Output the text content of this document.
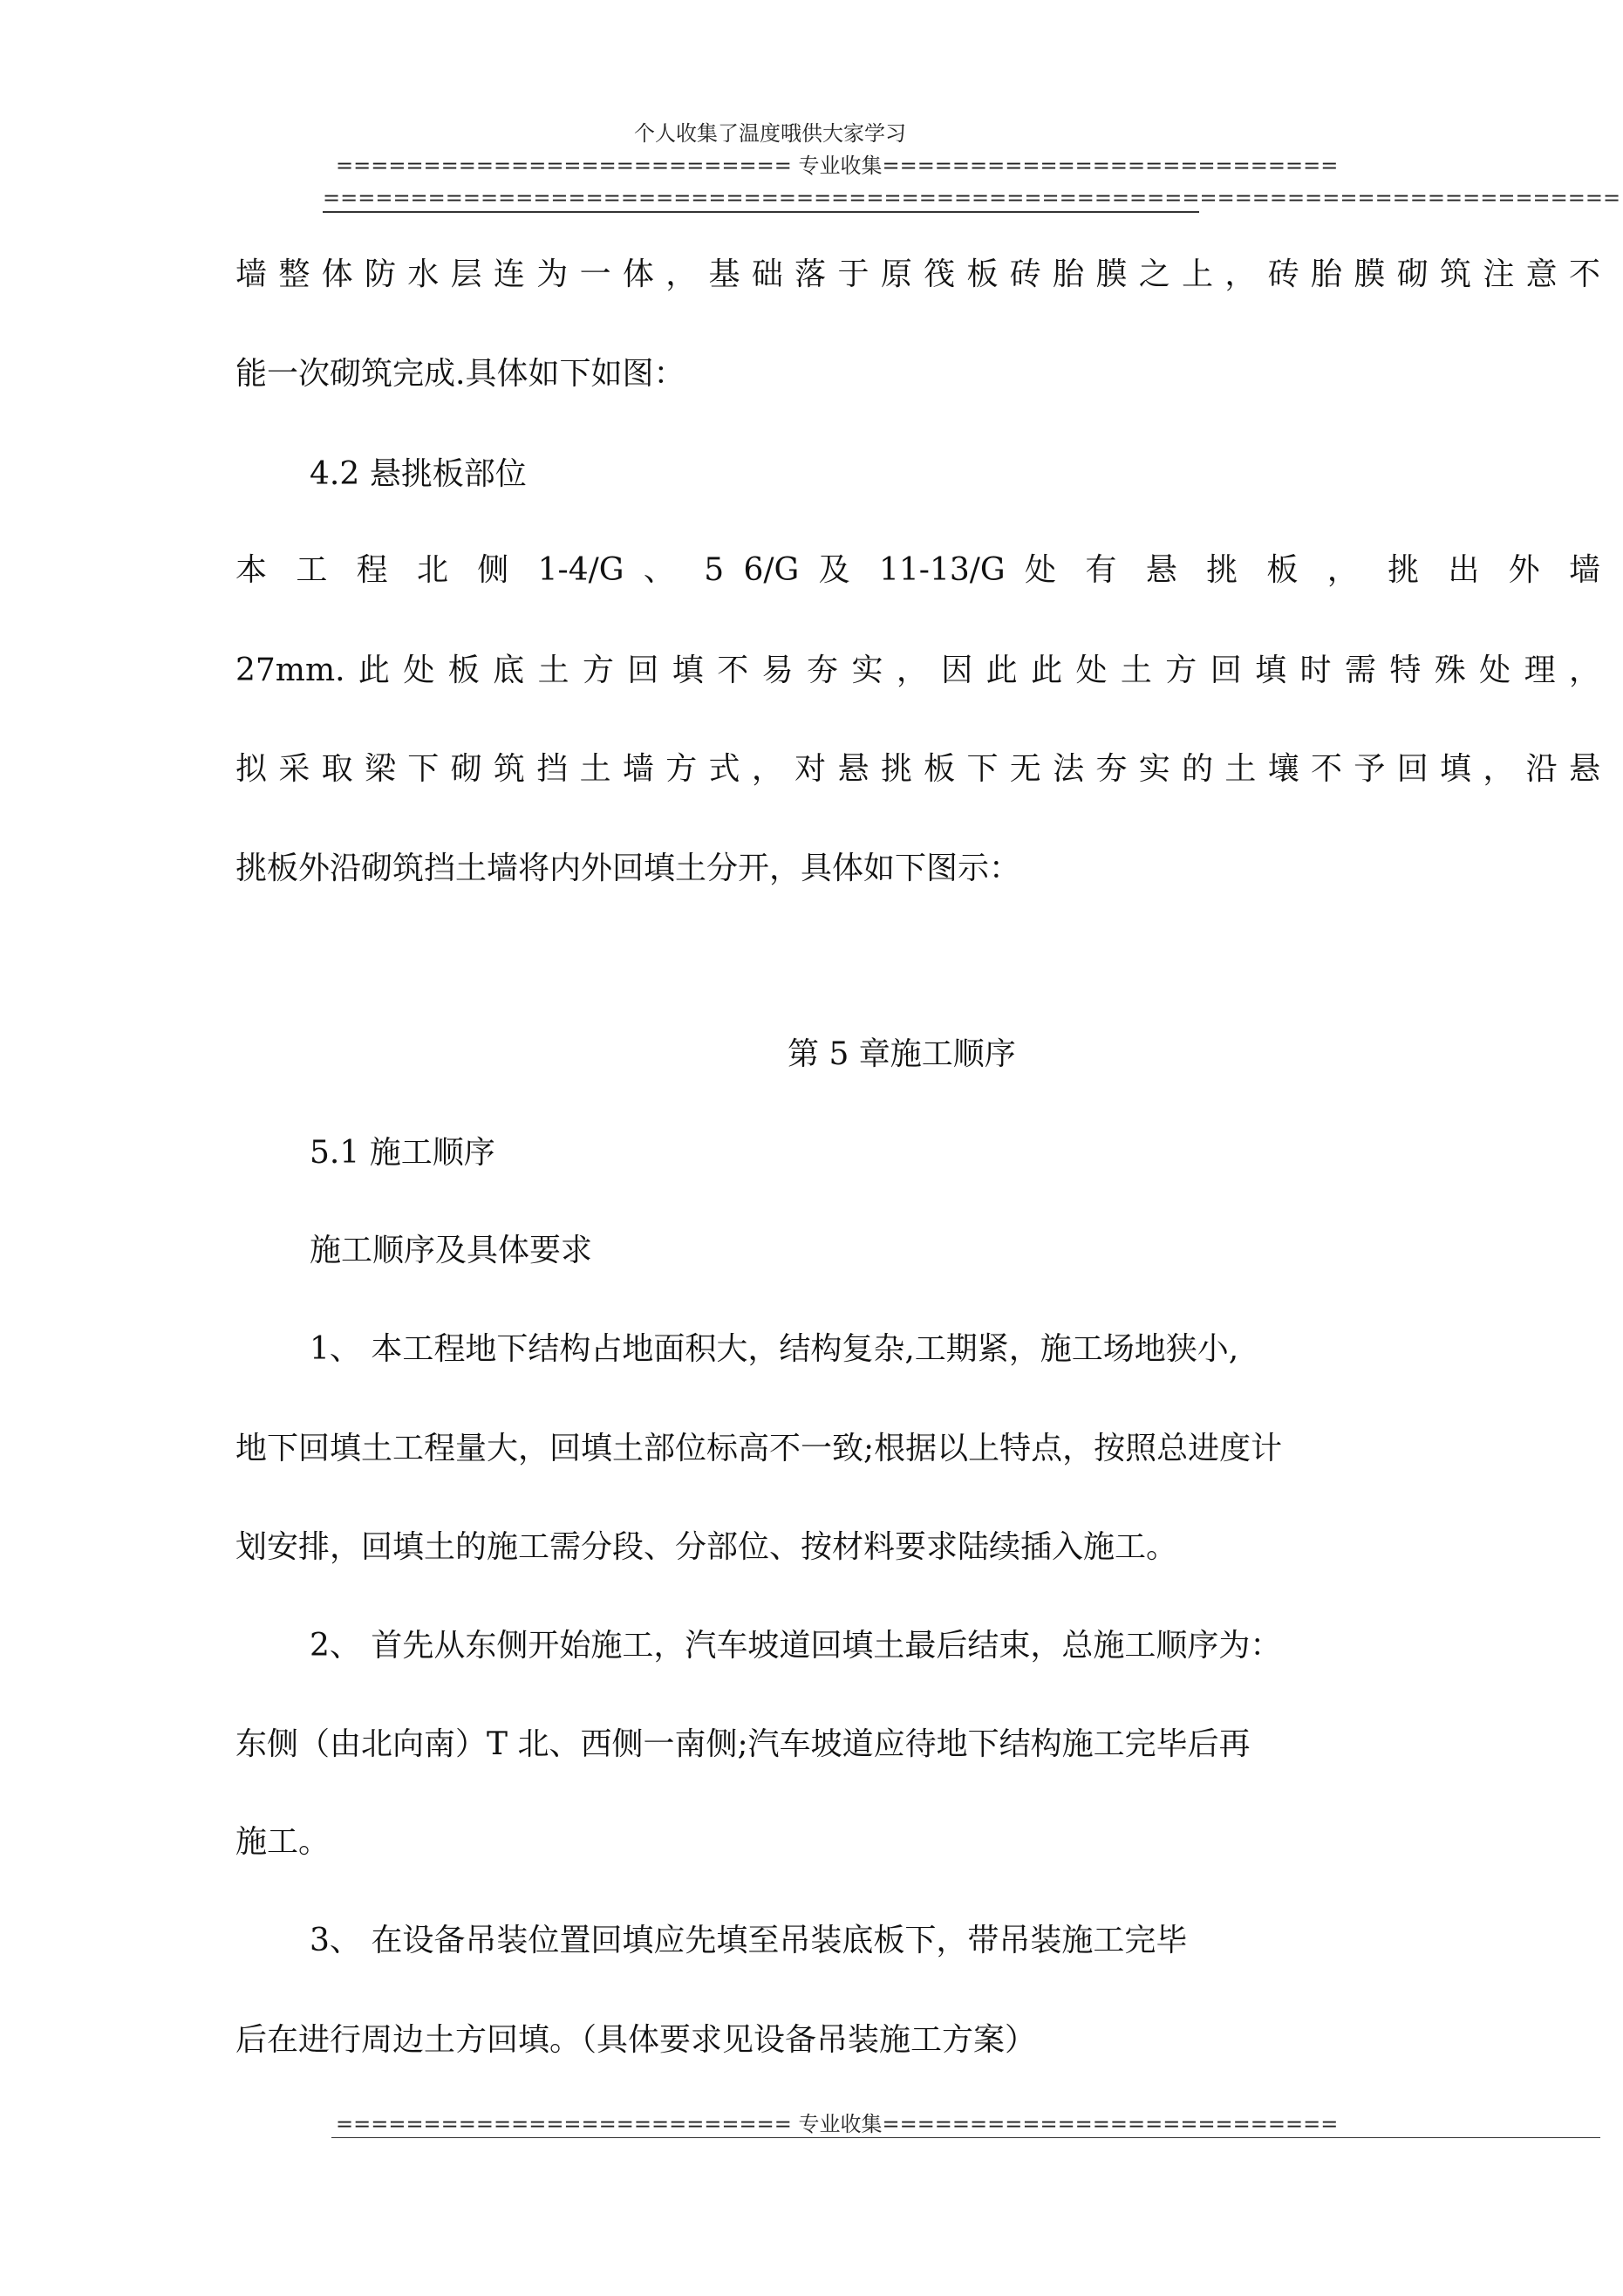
个人收集了温度哦供大家学习
========================== 专业收集==========================
==========================================================================
墙整体防水层连为一体，基础落于原筏板砖胎膜之上，砖胎膜砌筑注意不
能一次砌筑完成.具体如下如图：
4.2 悬挑板部位
本 工 程 北 侧 1-4/G 、 5 6/G 及 11-13/G 处 有 悬 挑 板 ， 挑 出 外 墙
27mm.此处板底土方回填不易夯实，因此此处土方回填时需特殊处理，
拟采取梁下砌筑挡土墙方式，对悬挑板下无法夯实的土壤不予回填，沿悬
挑板外沿砌筑挡土墙将内外回填土分开，具体如下图示：
第 5 章施工顺序
5.1 施工顺序
施工顺序及具体要求
1、 本工程地下结构占地面积大，结构复杂,工期紧，施工场地狭小,
地下回填土工程量大，回填土部位标高不一致;根据以上特点，按照总进度计
划安排，回填土的施工需分段、分部位、按材料要求陆续插入施工。
2、 首先从东侧开始施工，汽车坡道回填土最后结束，总施工顺序为：
东侧（由北向南）T 北、西侧一南侧;汽车坡道应待地下结构施工完毕后再
施工。
3、 在设备吊装位置回填应先填至吊装底板下，带吊装施工完毕
后在进行周边土方回填。（具体要求见设备吊装施工方案）
========================== 专业收集==========================
